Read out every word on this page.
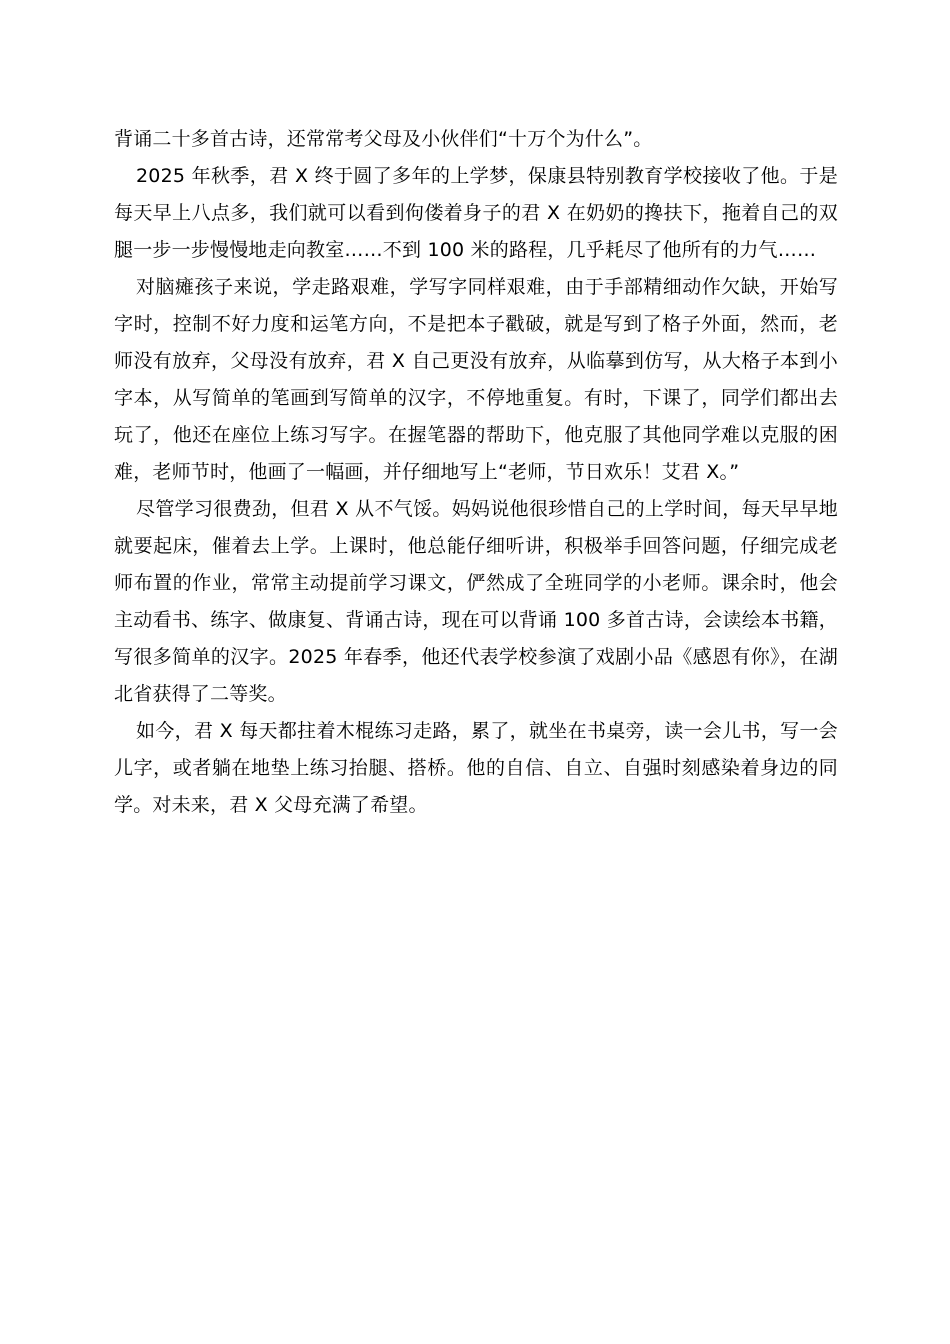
背诵二十多首古诗，还常常考父母及小伙伴们“十万个为什么”。

2025 年秋季，君 X 终于圆了多年的上学梦，保康县特别教育学校接收了他。于是每天早上八点多，我们就可以看到佝偻着身子的君 X 在奶奶的搀扶下，拖着自己的双腿一步一步慢慢地走向教室……不到 100 米的路程，几乎耗尽了他所有的力气……

对脑瘫孩子来说，学走路艰难，学写字同样艰难，由于手部精细动作欠缺，开始写字时，控制不好力度和运笔方向，不是把本子戳破，就是写到了格子外面，然而，老师没有放弃，父母没有放弃，君 X 自己更没有放弃，从临摹到仿写，从大格子本到小字本，从写简单的笔画到写简单的汉字，不停地重复。有时，下课了，同学们都出去玩了，他还在座位上练习写字。在握笔器的帮助下，他克服了其他同学难以克服的困难，老师节时，他画了一幅画，并仔细地写上“老师，节日欢乐！艾君 X。”

尽管学习很费劲，但君 X 从不气馁。妈妈说他很珍惜自己的上学时间，每天早早地就要起床，催着去上学。上课时，他总能仔细听讲，积极举手回答问题，仔细完成老师布置的作业，常常主动提前学习课文，俨然成了全班同学的小老师。课余时，他会主动看书、练字、做康复、背诵古诗，现在可以背诵 100 多首古诗，会读绘本书籍，写很多简单的汉字。2025 年春季，他还代表学校参演了戏剧小品《感恩有你》，在湖北省获得了二等奖。

如今，君 X 每天都拄着木棍练习走路，累了，就坐在书桌旁，读一会儿书，写一会儿字，或者躺在地垫上练习抬腿、搭桥。他的自信、自立、自强时刻感染着身边的同学。对未来，君 X 父母充满了希望。
